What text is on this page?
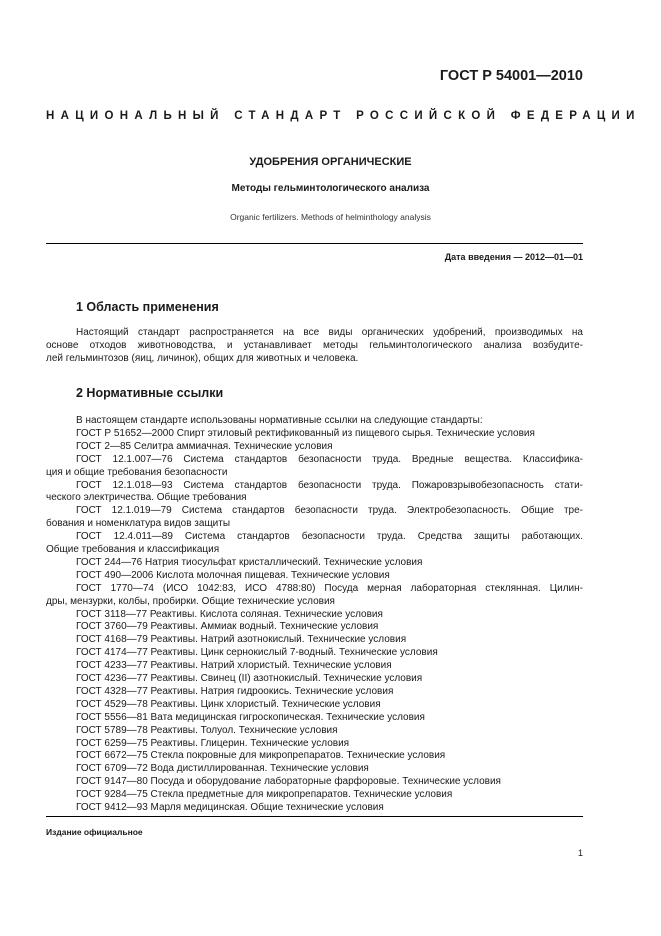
ГОСТ Р 54001—2010
НАЦИОНАЛЬНЫЙ СТАНДАРТ РОССИЙСКОЙ ФЕДЕРАЦИИ
УДОБРЕНИЯ ОРГАНИЧЕСКИЕ
Методы гельминтологического анализа
Organic fertilizers. Methods of helminthology analysis
Дата введения — 2012—01—01
1 Область применения
Настоящий стандарт распространяется на все виды органических удобрений, производимых на
основе отходов животноводства, и устанавливает методы гельминтологического анализа возбудите-
лей гельминтозов (яиц, личинок), общих для животных и человека.
2 Нормативные ссылки
В настоящем стандарте использованы нормативные ссылки на следующие стандарты:
ГОСТ Р 51652—2000 Спирт этиловый ректификованный из пищевого сырья. Технические условия
ГОСТ 2—85 Селитра аммиачная. Технические условия
ГОСТ 12.1.007—76 Система стандартов безопасности труда. Вредные вещества. Классифика-
ция и общие требования безопасности
ГОСТ 12.1.018—93 Система стандартов безопасности труда. Пожаровзрывобезопасность стати-
ческого электричества. Общие требования
ГОСТ 12.1.019—79 Система стандартов безопасности труда. Электробезопасность. Общие тре-
бования и номенклатура видов защиты
ГОСТ 12.4.011—89 Система стандартов безопасности труда. Средства защиты работающих.
Общие требования и классификация
ГОСТ 244—76 Натрия тиосульфат кристаллический. Технические условия
ГОСТ 490—2006 Кислота молочная пищевая. Технические условия
ГОСТ 1770—74 (ИСО 1042:83, ИСО 4788:80) Посуда мерная лабораторная стеклянная. Цилин-
дры, мензурки, колбы, пробирки. Общие технические условия
ГОСТ 3118—77 Реактивы. Кислота соляная. Технические условия
ГОСТ 3760—79 Реактивы. Аммиак водный. Технические условия
ГОСТ 4168—79 Реактивы. Натрий азотнокислый. Технические условия
ГОСТ 4174—77 Реактивы. Цинк сернокислый 7-водный. Технические условия
ГОСТ 4233—77 Реактивы. Натрий хлористый. Технические условия
ГОСТ 4236—77 Реактивы. Свинец (II) азотнокислый. Технические условия
ГОСТ 4328—77 Реактивы. Натрия гидроокись. Технические условия
ГОСТ 4529—78 Реактивы. Цинк хлористый. Технические условия
ГОСТ 5556—81 Вата медицинская гигроскопическая. Технические условия
ГОСТ 5789—78 Реактивы. Толуол. Технические условия
ГОСТ 6259—75 Реактивы. Глицерин. Технические условия
ГОСТ 6672—75 Стекла покровные для микропрепаратов. Технические условия
ГОСТ 6709—72 Вода дистиллированная. Технические условия
ГОСТ 9147—80 Посуда и оборудование лабораторные фарфоровые. Технические условия
ГОСТ 9284—75 Стекла предметные для микропрепаратов. Технические условия
ГОСТ 9412—93 Марля медицинская. Общие технические условия
Издание официальное
1
